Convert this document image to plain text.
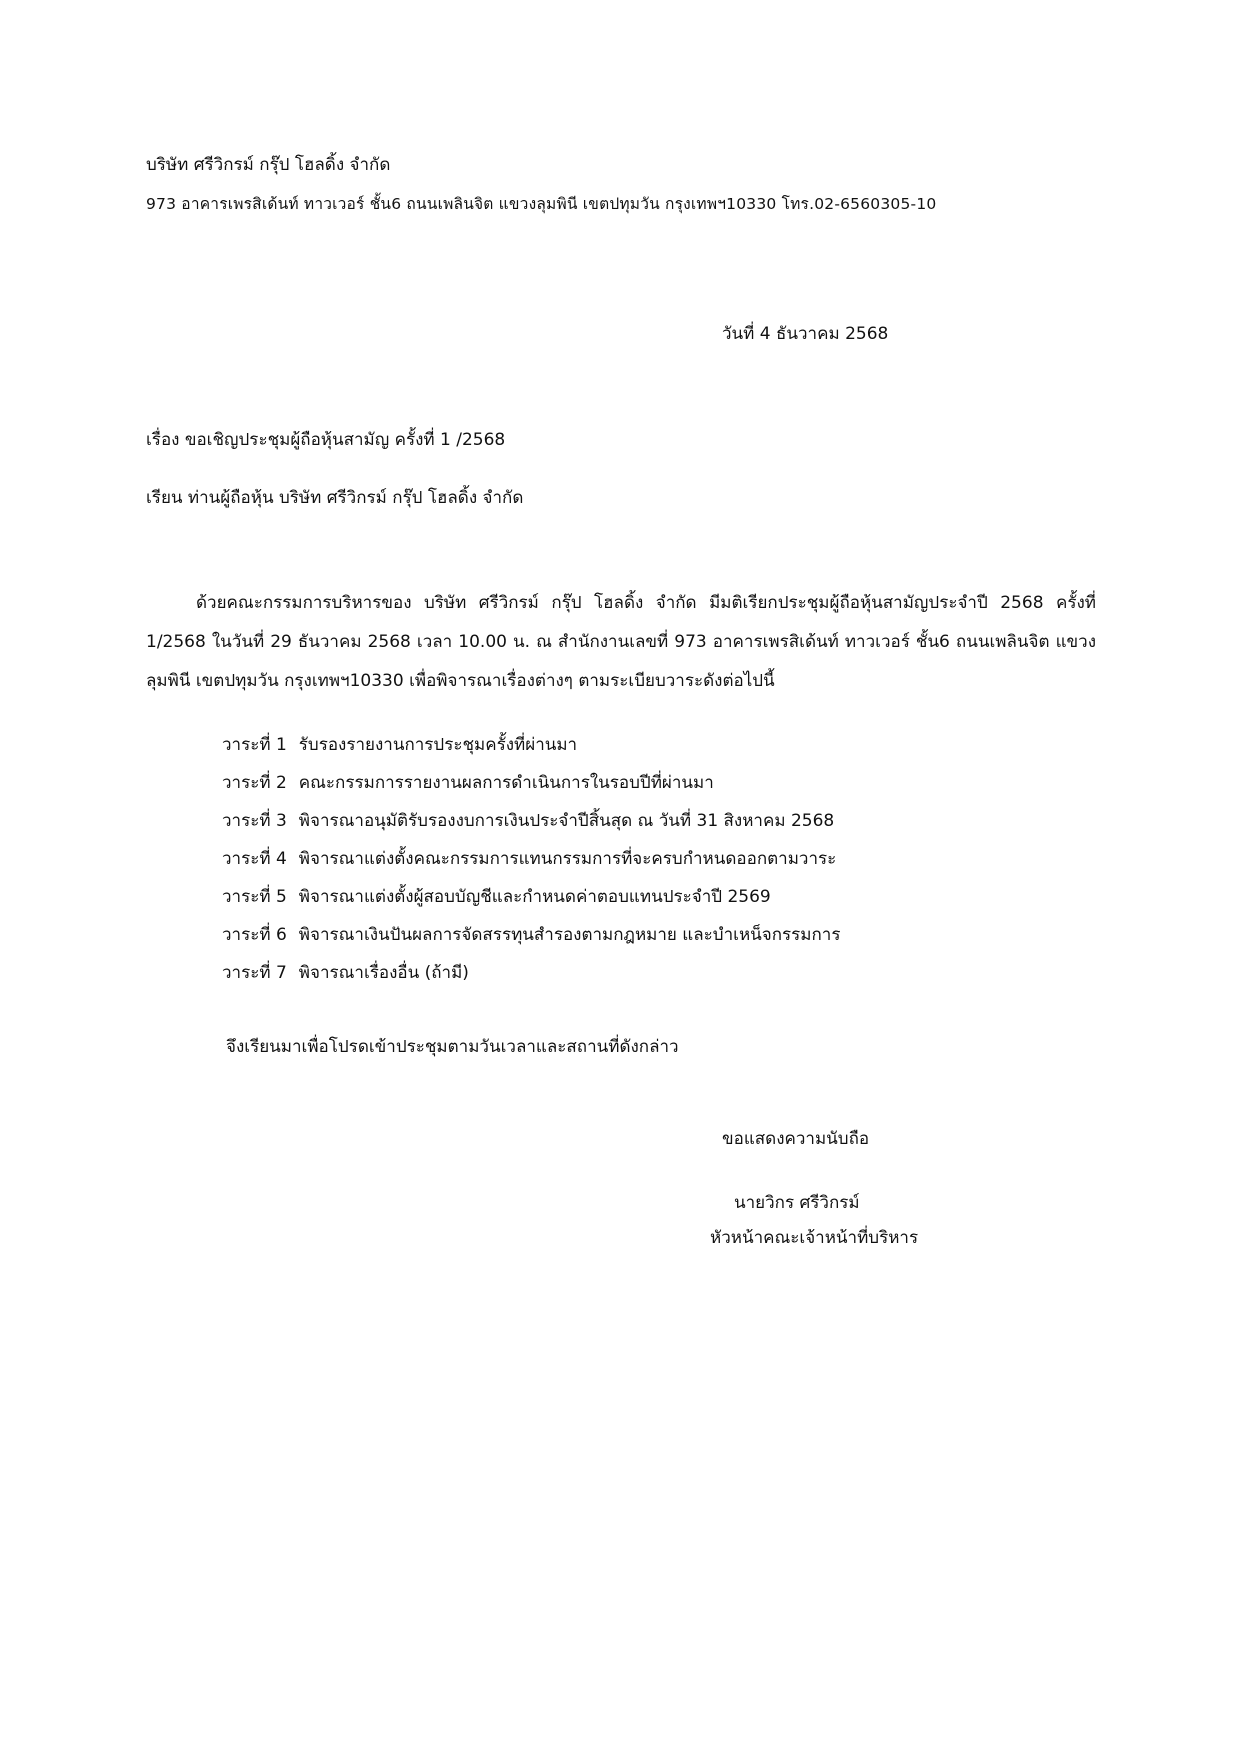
บริษัท ศรีวิกรม์ กรุ๊ป โฮลดิ้ง จำกัด
973 อาคารเพรสิเด้นท์ ทาวเวอร์ ชั้น6 ถนนเพลินจิต แขวงลุมพินี เขตปทุมวัน กรุงเทพฯ10330 โทร.02-6560305-10
วันที่ 4 ธันวาคม 2568
เรื่อง ขอเชิญประชุมผู้ถือหุ้นสามัญ ครั้งที่ 1 /2568
เรียน ท่านผู้ถือหุ้น บริษัท ศรีวิกรม์ กรุ๊ป โฮลดิ้ง จำกัด
ด้วยคณะกรรมการบริหารของ บริษัท ศรีวิกรม์ กรุ๊ป โฮลดิ้ง จำกัด มีมติเรียกประชุมผู้ถือหุ้นสามัญประจำปี 2568 ครั้งที่ 1/2568 ในวันที่ 29 ธันวาคม 2568 เวลา 10.00 น. ณ สำนักงานเลขที่ 973 อาคารเพรสิเด้นท์ ทาวเวอร์ ชั้น6 ถนนเพลินจิต แขวงลุมพินี เขตปทุมวัน กรุงเทพฯ10330 เพื่อพิจารณาเรื่องต่างๆ ตามระเบียบวาระดังต่อไปนี้
วาระที่ 1 รับรองรายงานการประชุมครั้งที่ผ่านมา
วาระที่ 2 คณะกรรมการรายงานผลการดำเนินการในรอบปีที่ผ่านมา
วาระที่ 3 พิจารณาอนุมัติรับรองงบการเงินประจำปีสิ้นสุด ณ วันที่ 31 สิงหาคม 2568
วาระที่ 4 พิจารณาแต่งตั้งคณะกรรมการแทนกรรมการที่จะครบกำหนดออกตามวาระ
วาระที่ 5 พิจารณาแต่งตั้งผู้สอบบัญชีและกำหนดค่าตอบแทนประจำปี 2569
วาระที่ 6 พิจารณาเงินปันผลการจัดสรรทุนสำรองตามกฎหมาย และบำเหน็จกรรมการ
วาระที่ 7 พิจารณาเรื่องอื่น (ถ้ามี)
จึงเรียนมาเพื่อโปรดเข้าประชุมตามวันเวลาและสถานที่ดังกล่าว
ขอแสดงความนับถือ
นายวิกร ศรีวิกรม์
หัวหน้าคณะเจ้าหน้าที่บริหาร
